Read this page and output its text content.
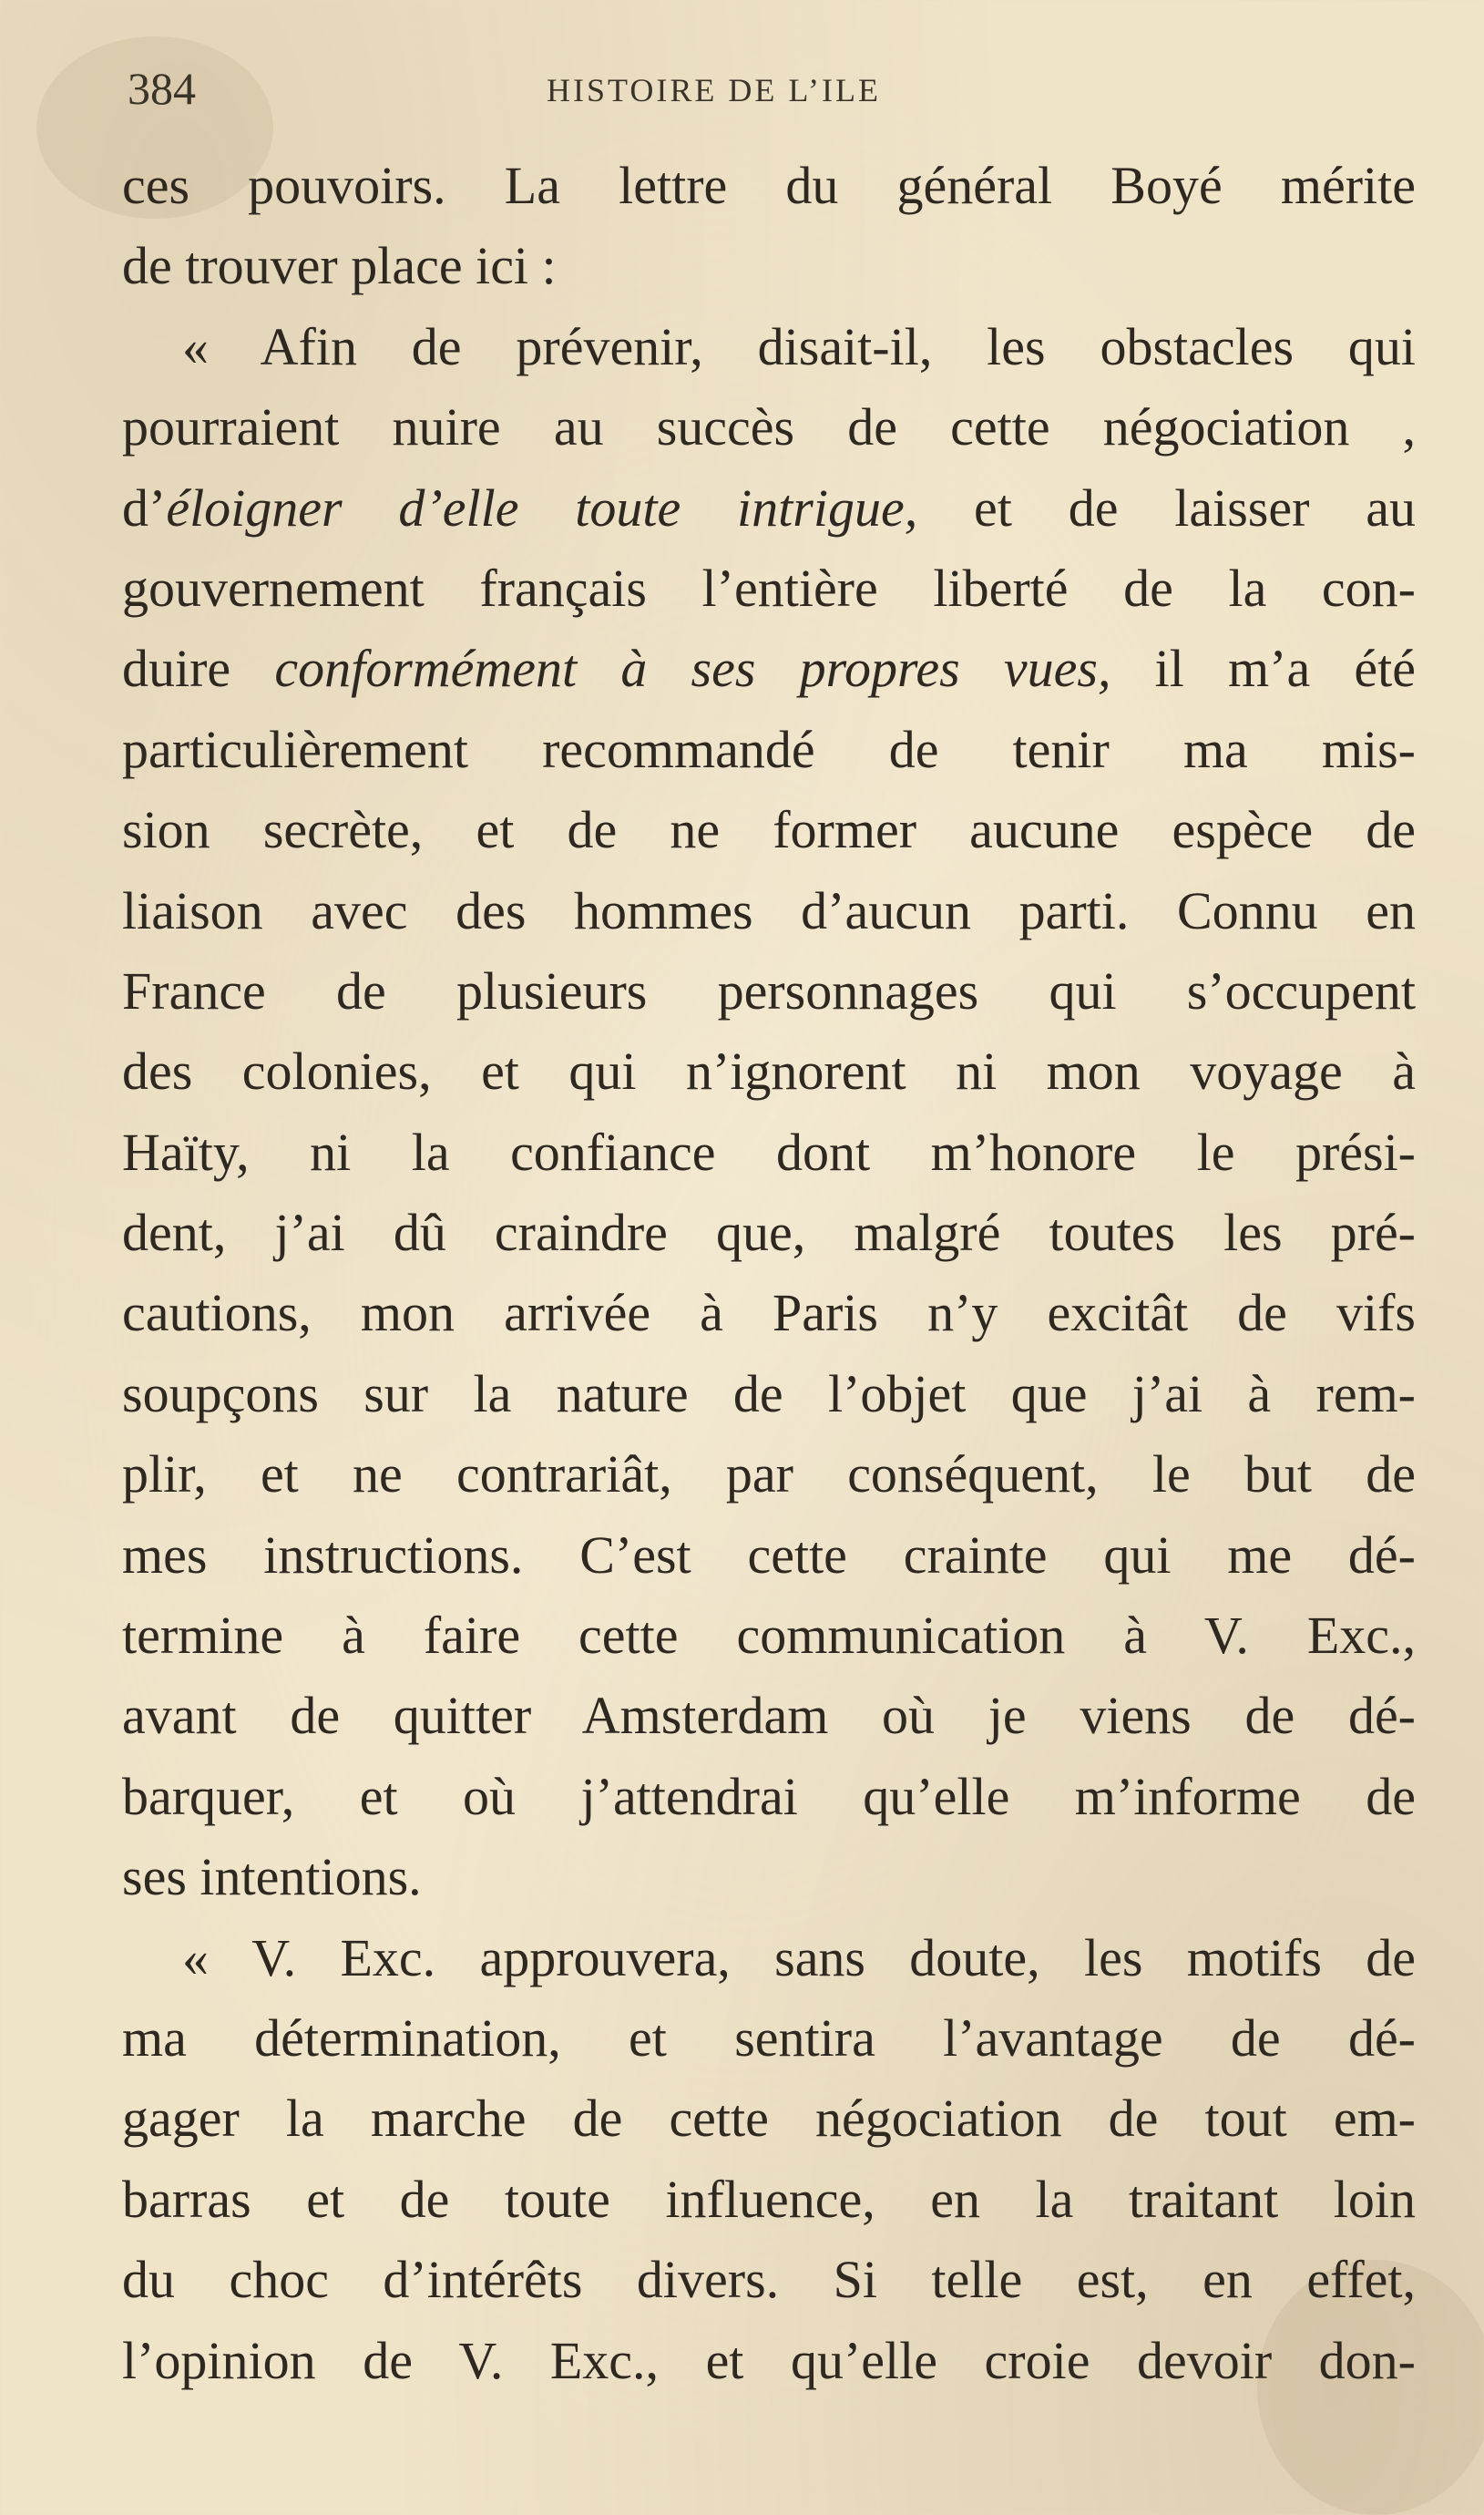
384	HISTOIRE DE L’ILE
ces pouvoirs. La lettre du général Boyé mérite
de trouver place ici :
« Afin de prévenir, disait-il, les obstacles qui
pourraient nuire au succès de cette négociation ,
d’éloigner d’elle toute intrigue, et de laisser au
gouvernement français l’entière liberté de la con-
duire conformément à ses propres vues, il m’a été
particulièrement recommandé de tenir ma mis-
sion secrète, et de ne former aucune espèce de
liaison avec des hommes d’aucun parti. Connu en
France de plusieurs personnages qui s’occupent
des colonies, et qui n’ignorent ni mon voyage à
Haïty, ni la confiance dont m’honore le prési-
dent, j’ai dû craindre que, malgré toutes les pré-
cautions, mon arrivée à Paris n’y excitât de vifs
soupçons sur la nature de l’objet que j’ai à rem-
plir, et ne contrariât, par conséquent, le but de
mes instructions. C’est cette crainte qui me dé-
termine à faire cette communication à V. Exc.,
avant de quitter Amsterdam où je viens de dé-
barquer, et où j’attendrai qu’elle m’informe de
ses intentions.
« V. Exc. approuvera, sans doute, les motifs de
ma détermination, et sentira l’avantage de dé-
gager la marche de cette négociation de tout em-
barras et de toute influence, en la traitant loin
du choc d’intérêts divers. Si telle est, en effet,
l’opinion de V. Exc., et qu’elle croie devoir don-
